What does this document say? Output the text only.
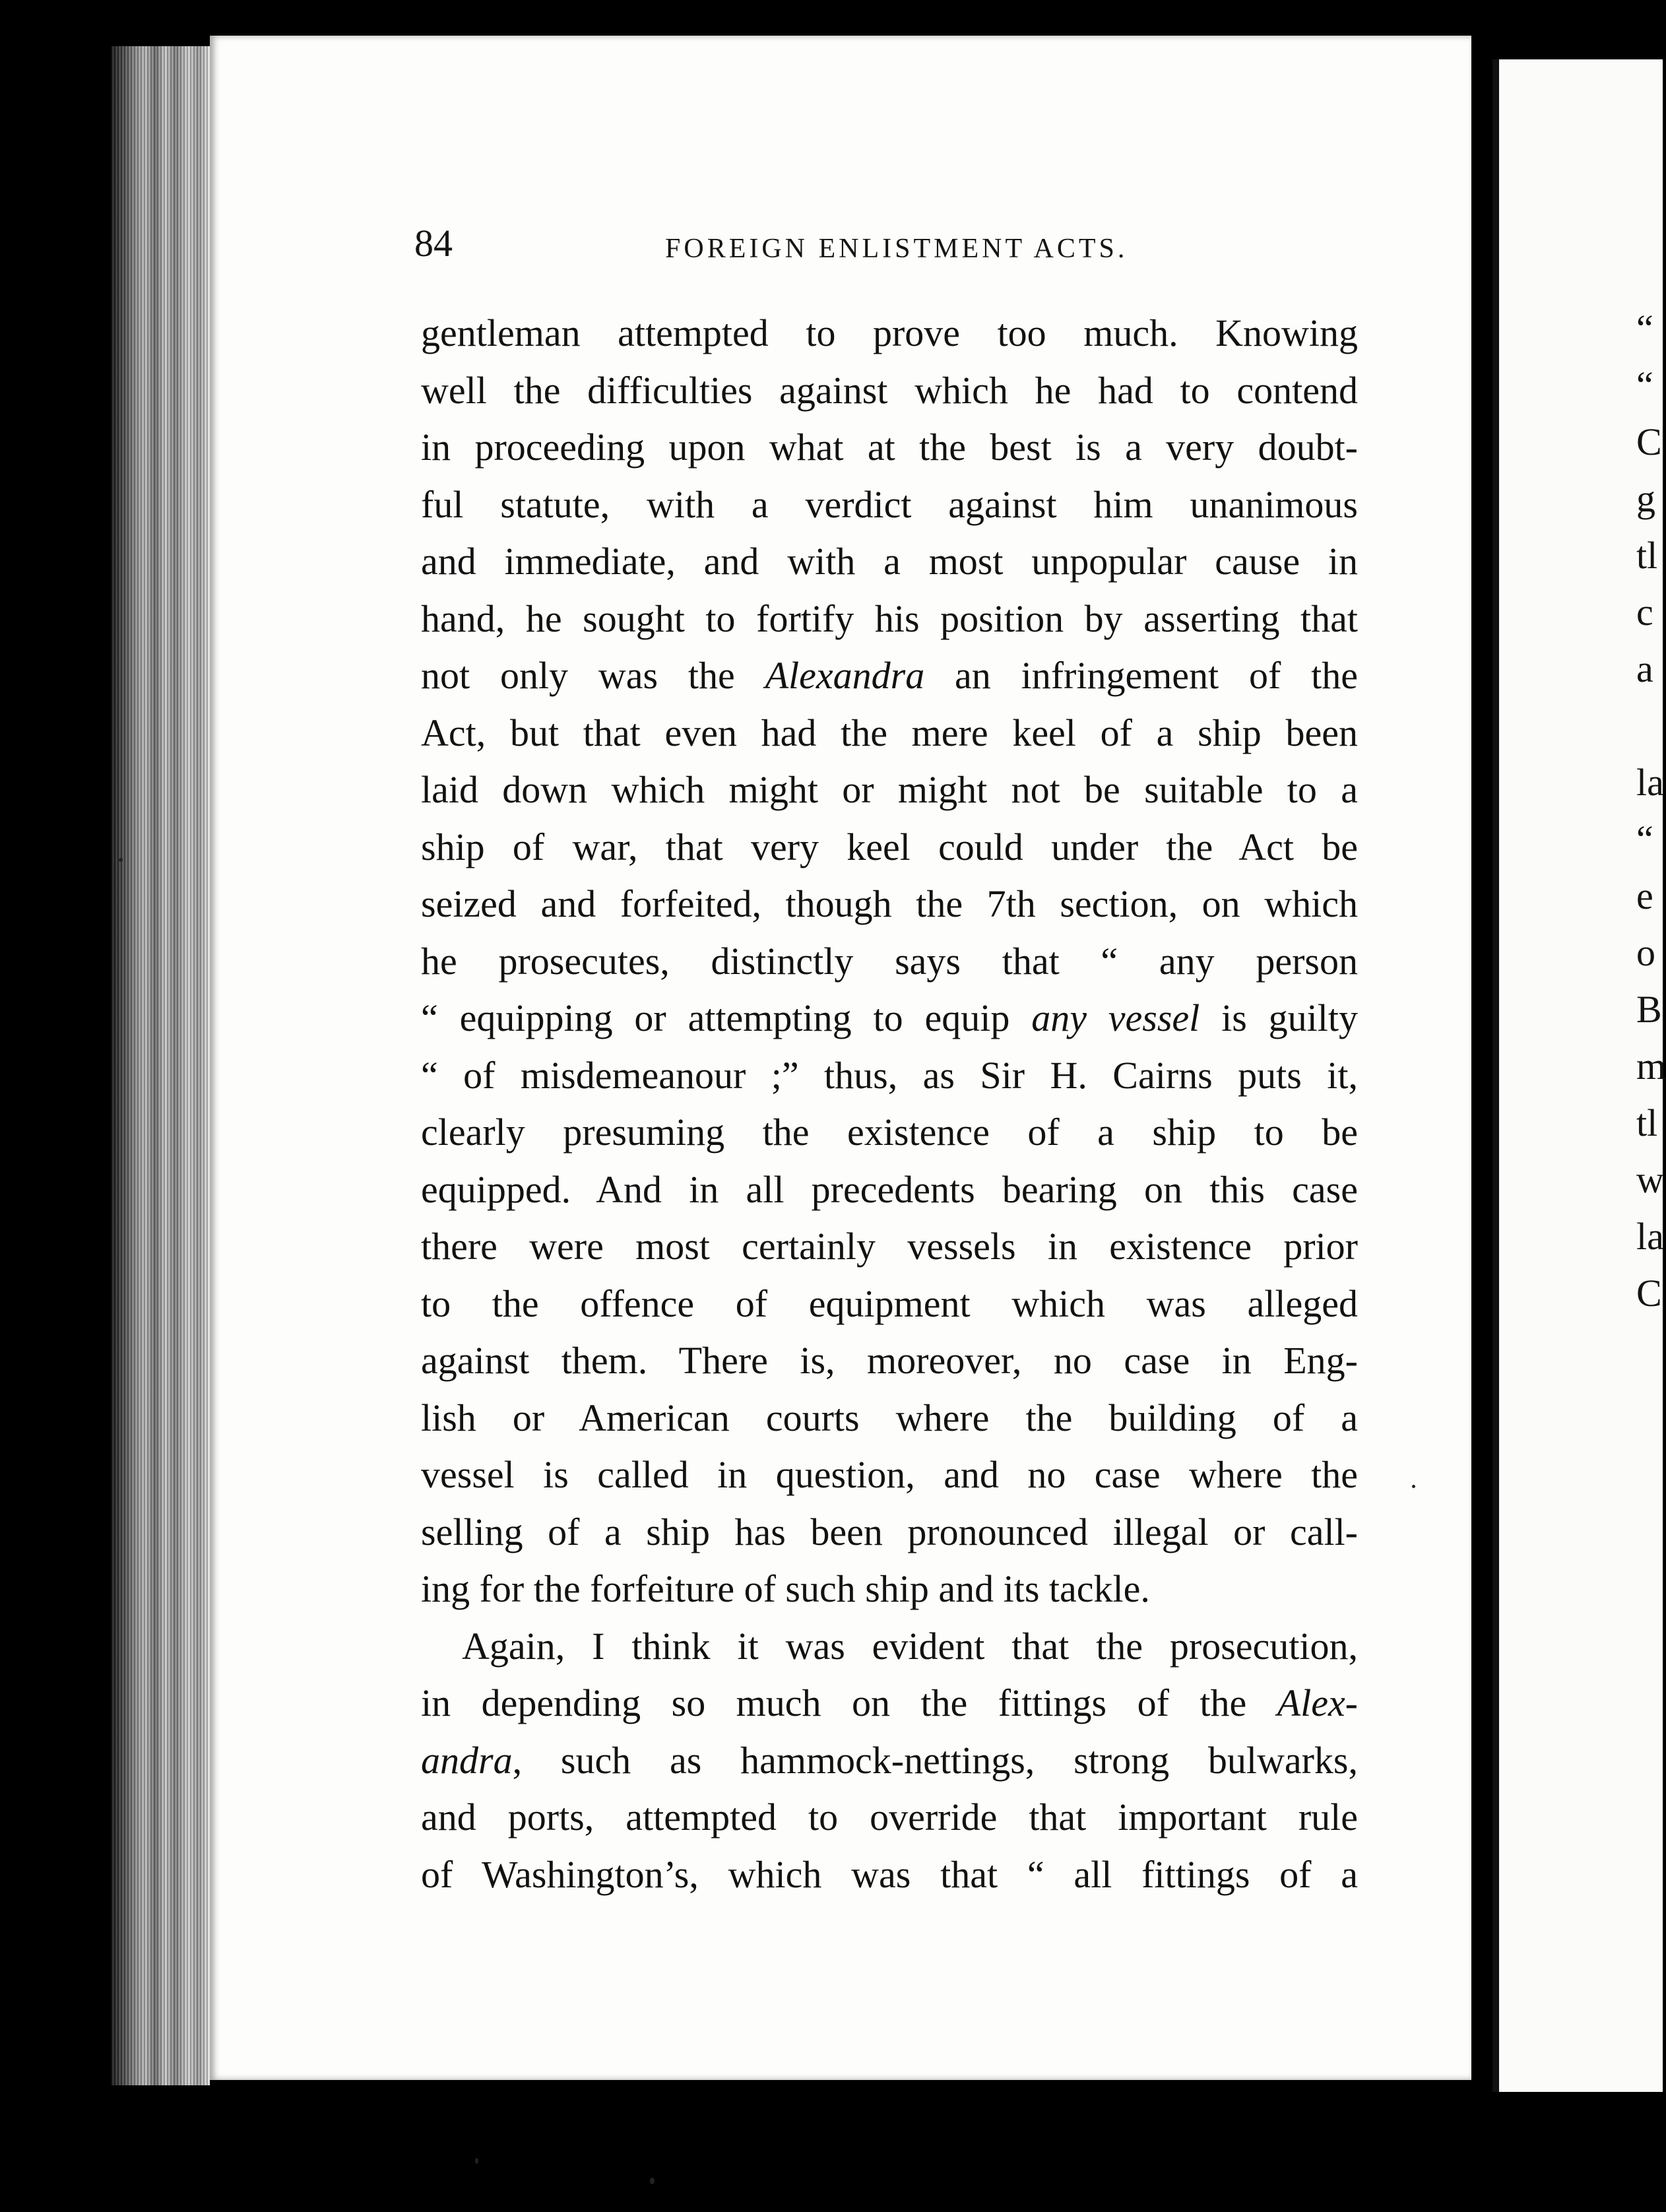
84	FOREIGN ENLISTMENT ACTS.
gentleman attempted to prove too much. Knowing
well the difficulties against which he had to contend
in proceeding upon what at the best is a very doubt-
ful statute, with a verdict against him unanimous
and immediate, and with a most unpopular cause in
hand, he sought to fortify his position by asserting that
not only was the Alexandra an infringement of the
Act, but that even had the mere keel of a ship been
laid down which might or might not be suitable to a
ship of war, that very keel could under the Act be
seized and forfeited, though the 7th section, on which
he prosecutes, distinctly says that “ any person
“ equipping or attempting to equip any vessel is guilty
“ of misdemeanour ;” thus, as Sir H. Cairns puts it,
clearly presuming the existence of a ship to be
equipped. And in all precedents bearing on this case
there were most certainly vessels in existence prior
to the offence of equipment which was alleged
against them. There is, moreover, no case in Eng-
lish or American courts where the building of a
vessel is called in question, and no case where the
selling of a ship has been pronounced illegal or call-
ing for the forfeiture of such ship and its tackle.
Again, I think it was evident that the prosecution,
in depending so much on the fittings of the Alex-
andra, such as hammock-nettings, strong bulwarks,
and ports, attempted to override that important rule
of Washington’s, which was that “ all fittings of a
“
“
C
g
tl
c
a
la
“
e
o
B
m
tl
w
la
C
